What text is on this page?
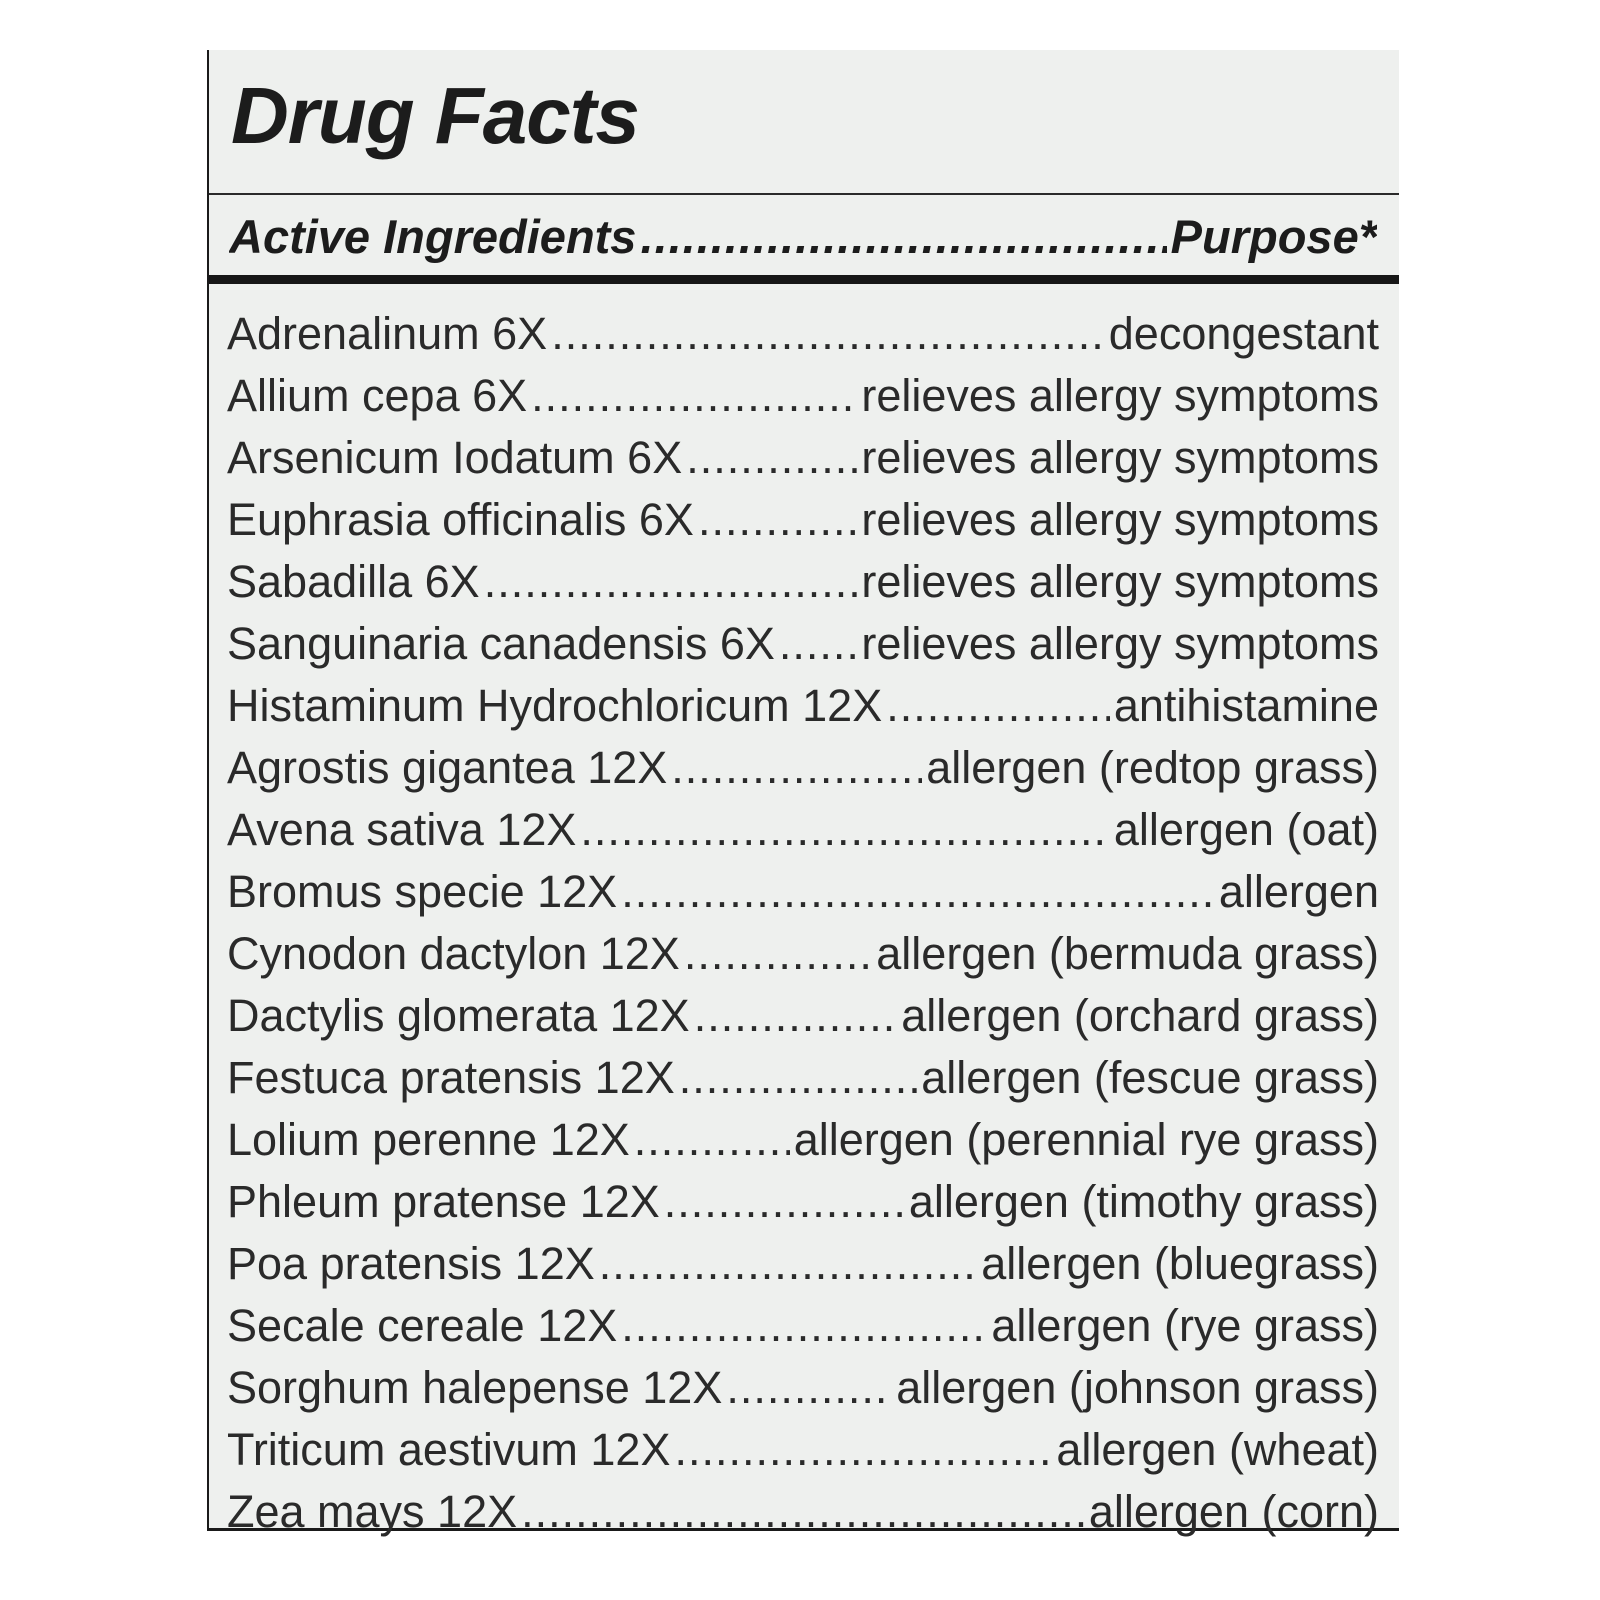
Drug Facts
Active Ingredients .....	Purpose*
Adrenalinum 6X .....	decongestant
Allium cepa 6X .....	relieves allergy symptoms
Arsenicum Iodatum 6X .....	relieves allergy symptoms
Euphrasia officinalis 6X .....	relieves allergy symptoms
Sabadilla 6X .....	relieves allergy symptoms
Sanguinaria canadensis 6X ..... relieves allergy symptoms
Histaminum Hydrochloricum 12X .....	antihistamine
Agrostis gigantea 12X .....	allergen (redtop grass)
Avena sativa 12X .....	allergen (oat)
Bromus specie 12X .....	allergen
Cynodon dactylon 12X .....	allergen (bermuda grass)
Dactylis glomerata 12X .....	allergen (orchard grass)
Festuca pratensis 12X .....	allergen (fescue grass)
Lolium perenne 12X .....	allergen (perennial rye grass)
Phleum pratense 12X .....	allergen (timothy grass)
Poa pratensis 12X .....	allergen (bluegrass)
Secale cereale 12X .....	allergen (rye grass)
Sorghum halepense 12X .....	allergen (johnson grass)
Triticum aestivum 12X .....	allergen (wheat)
Zea mays 12X .....	allergen (corn)
